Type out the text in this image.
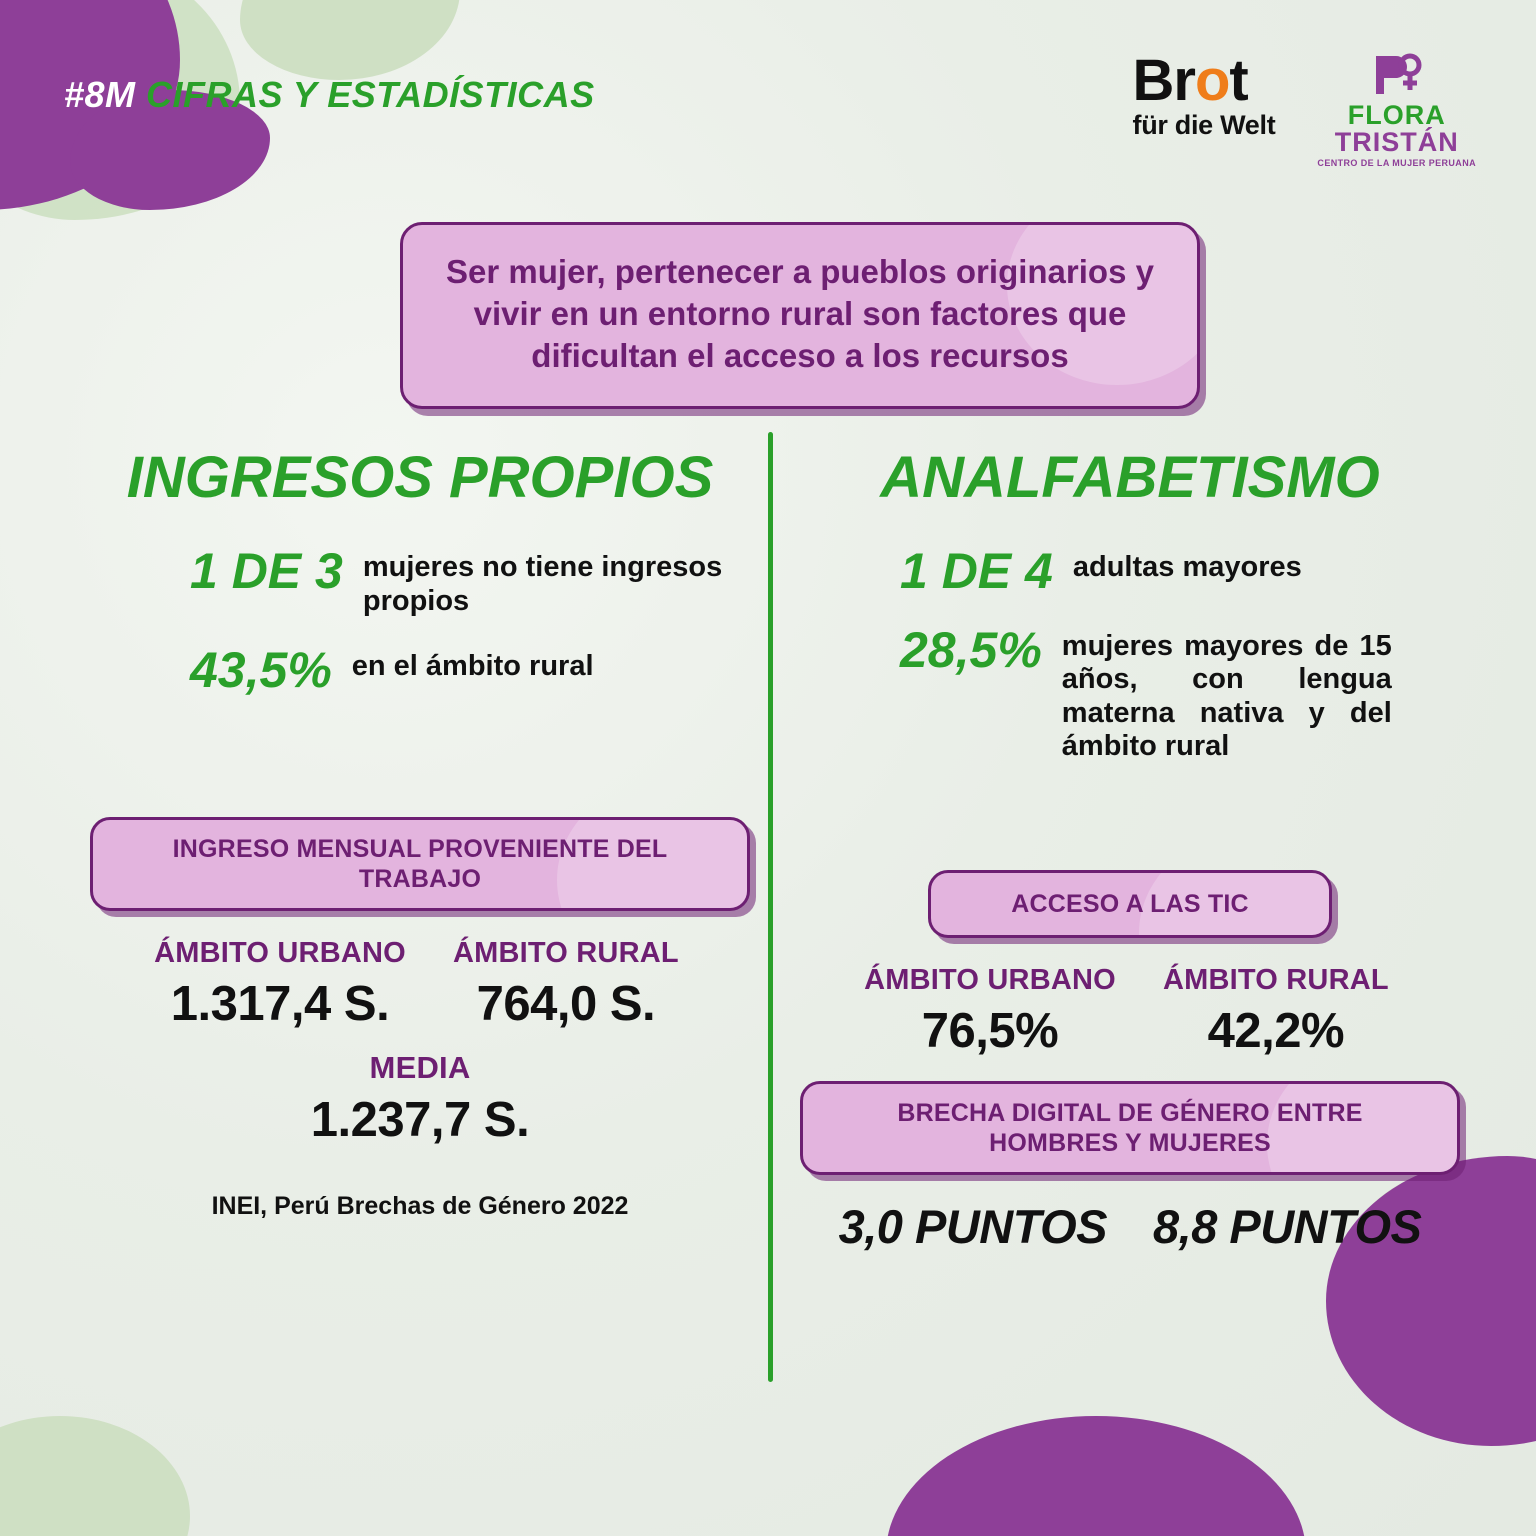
#8M CIFRAS Y ESTADÍSTICAS	Brot
für die Welt	FLORA
TRISTÁN
CENTRO DE LA MUJER PERUANA
Ser mujer, pertenecer a pueblos originarios y vivir en un entorno rural son factores que dificultan el acceso a los recursos
INGRESOS PROPIOS
1 DE 3 mujeres no tiene ingresos propios
43,5% en el ámbito rural
INGRESO MENSUAL PROVENIENTE DEL TRABAJO
ÁMBITO URBANO
1.317,4 S.
ÁMBITO RURAL
764,0 S.
MEDIA
1.237,7 S.
INEI, Perú Brechas de Género 2022
ANALFABETISMO
1 DE 4 adultas mayores
28,5% mujeres mayores de 15 años, con lengua materna nativa y del ámbito rural
ACCESO A LAS TIC
ÁMBITO URBANO
76,5%
ÁMBITO RURAL
42,2%
BRECHA DIGITAL DE GÉNERO ENTRE HOMBRES Y MUJERES
3,0 PUNTOS 8,8 PUNTOS
